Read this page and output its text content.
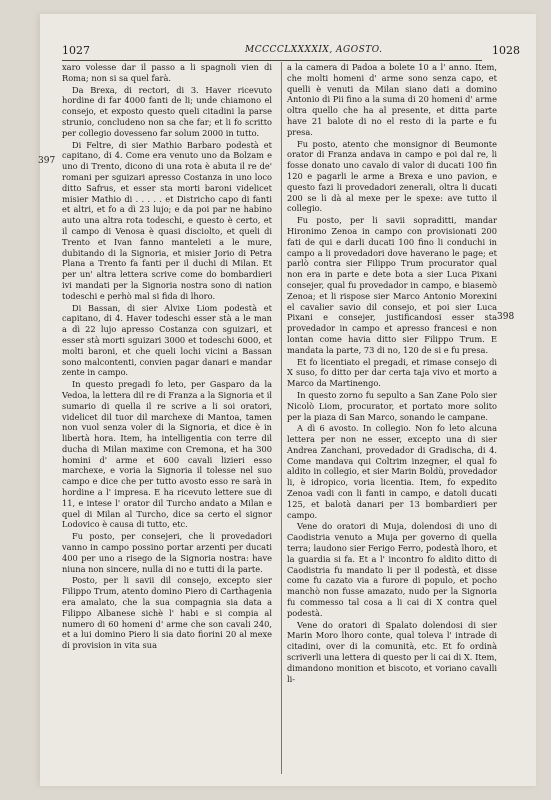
1027	MCCCCLXXXXIX, AGOSTO.	1028
397
398

xaro volesse dar il passo a li spagnoli vien di Roma; non si sa quel farà.

Da Brexa, di rectori, di 3. Haver ricevuto hordine di far 4000 fanti de li; unde chiamono el consejo, et exposto questo queli citadini la parse strunio, concludeno non sa che far; et li fo scritto per collegio dovesseno far solum 2000 in tutto.

Di Feltre, di sier Mathio Barbaro podestà et capitano, di 4. Come era venuto uno da Bolzam e uno di Trento, dicono di una rota è abuta il re de' romani per sguizari apresso Costanza in uno loco ditto Safrus, et esser sta morti baroni videlicet misier Mathio di . . . . . et Districho capo di fanti et altri, et fo a dì 23 lujo; e da poi par ne habino auto una altra rota todeschi, e questo è certo, et il campo di Venosa è quasi disciolto, et queli di Trento et Ivan fanno manteleti a le mure, dubitando di la Signoria, et misier Jorio di Petra Plana a Trento fa fanti per il duchi di Milan. Et per un' altra lettera scrive come do bombardieri ivi mandati per la Signoria nostra sono di nation todeschi e perhò mal si fida di lhoro.

Di Bassan, di sier Alvixe Liom podestà et capitano, di 4. Haver todeschi esser stà a le man a dì 22 lujo apresso Costanza con sguizari, et esser stà morti sguizari 3000 et todeschi 6000, et molti baroni, et che queli lochi vicini a Bassan sono malcontenti, convien pagar danari e mandar zente in campo.

In questo pregadi fo leto, per Gasparo da la Vedoa, la lettera dil re di Franza a la Signoria et il sumario di quella il re scrive a li soi oratori, videlicet dil tuor dil marchexe di Mantoa, tamen non vuol senza voler di la Signoria, et dice è in libertà hora. Item, ha intelligentia con terre dil ducha di Milan maxime con Cremona, et ha 300 homini d' arme et 600 cavali lizieri esso marchexe, e voria la Signoria il tolesse nel suo campo e dice che per tutto avosto esso re sarà in hordine a l' impresa. E ha ricevuto lettere sue di 11, e intese l' orator dil Turcho andato a Milan e quel di Milan al Turcho, dice sa certo el signor Lodovico è causa di tutto, etc.

Fu posto, per consejeri, che li provedadori vanno in campo possino portar arzenti per ducati 400 per uno a risego de la Signoria nostra: have niuna non sincere, nulla di no e tutti di la parte.

Posto, per li savii dil consejo, excepto sier Filippo Trum, atento domino Piero di Carthagenia era amalato, che la sua compagnia sia data a Filippo Albanese sichè l' habi e si compia al numero di 60 homeni d' arme che son cavali 240, et a lui domino Piero li sia dato fiorini 20 al mexe di provision in vita sua

a la camera di Padoa a bolete 10 a l' anno. Item, che molti homeni d' arme sono senza capo, et quelli è venuti da Milan siano dati a domino Antonio di Pii fino a la suma di 20 homeni d' arme oltra quello che ha al presente, et ditta parte have 21 balote di no el resto di la parte e fu presa.

Fu posto, atento che monsignor di Beumonte orator di Franza andava in campo e poi dal re, li fosse donato uno cavalo di valor di ducati 100 fin 120 e pagarli le arme a Brexa e uno pavion, e questo fazi li provedadori zenerali, oltra li ducati 200 se li dà al mexe per le spexe: ave tutto il collegio.

Fu posto, per li savii sopraditti, mandar Hironimo Zenoa in campo con provisionati 200 fati de qui e darli ducati 100 fino li conduchi in campo a li provedadori dove haverano le page; et parlò contra sier Filippo Trum procurator qual non era in parte e dete bota a sier Luca Pixani consejer, qual fu provedador in campo, e biasemò Zenoa; et li rispose sier Marco Antonio Morexini el cavalier savio dil consejo, et poi sier Luca Pixani e consejer, justificandosi esser sta provedador in campo et apresso francesi e non lontan come havia ditto sier Filippo Trum. E mandata la parte, 73 di no, 120 de si e fu presa.

Et fo licentiato el pregadi, et rimase consejo di X suso, fo ditto per dar certa taja vivo et morto a Marco da Martinengo.

In questo zorno fu sepulto a San Zane Polo sier Nicolò Liom, procurator, et portato more solito per la piaza di San Marco, sonando le campane.

A dì 6 avosto. In collegio. Non fo leto alcuna lettera per non ne esser, excepto una di sier Andrea Zanchani, provedador di Gradischa, di 4. Come mandava qui Coltrim inzegner, el qual fo aldito in collegio, et sier Marin Boldù, provedador li, è idropico, voria licentia. Item, fo expedito Zenoa vadi con li fanti in campo, e datoli ducati 125, et balotà danari per 13 bombardieri per campo.

Vene do oratori di Muja, dolendosi di uno di Caodistria venuto a Muja per governo di quella terra; laudono sier Ferigo Ferro, podestà lhoro, et la guardia si fa. Et a l' incontro fo aldito ditto di Caodistria fu mandato li per il podestà, et disse come fu cazato via a furore di populo, et pocho manchò non fusse amazato, nudo per la Signoria fu commesso tal cosa a li cai di X contra quel podestà.

Vene do oratori di Spalato dolendosi di sier Marin Moro lhoro conte, qual toleva l' intrade di citadini, over di la comunità, etc. Et fo ordinà scriverli una lettera di questo per li cai di X. Item, dimandono monition et biscoto, et voriano cavalli li-
